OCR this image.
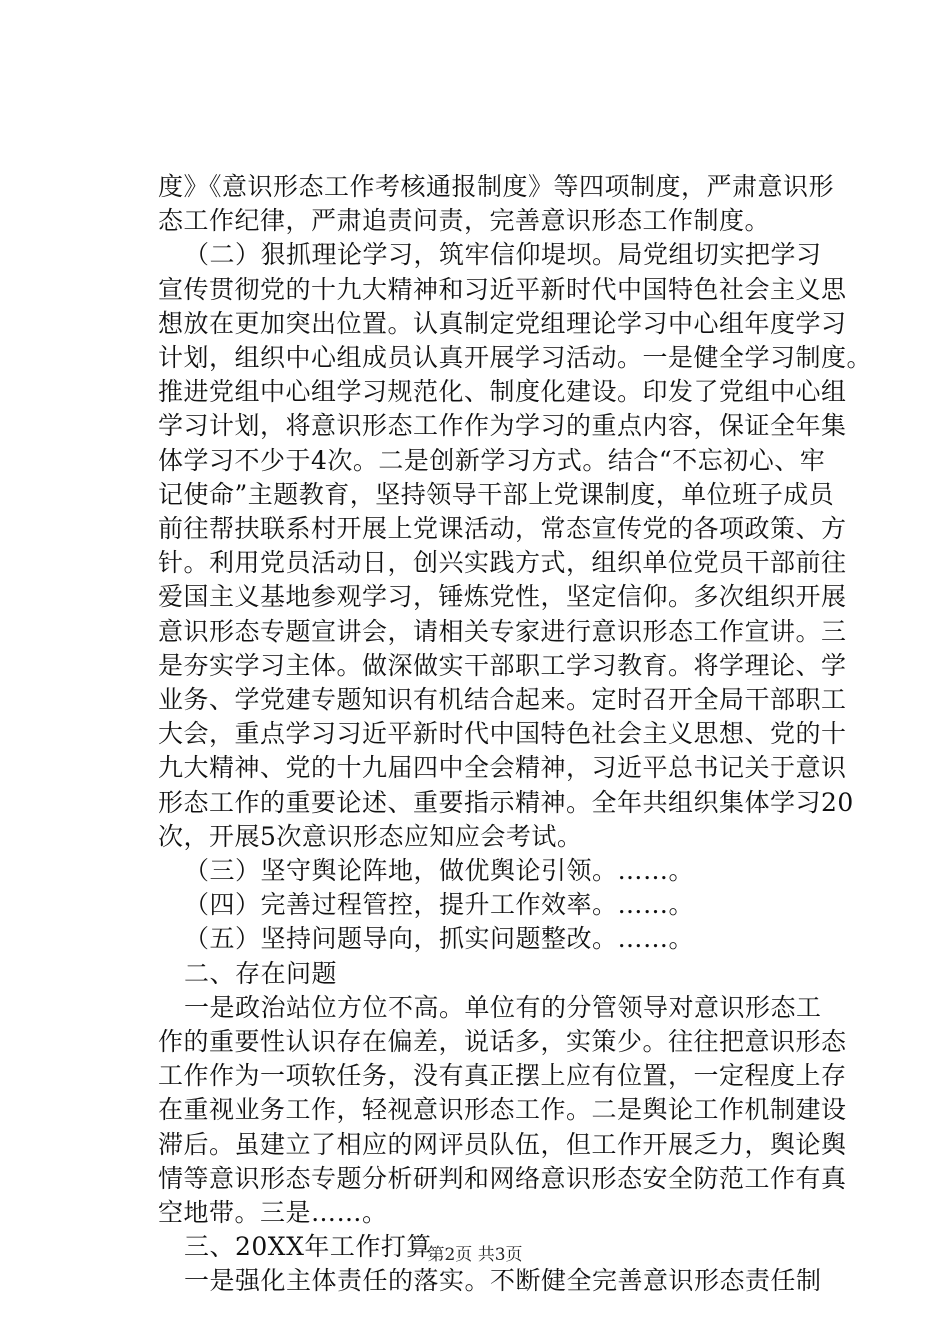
度》《意识形态工作考核通报制度》等四项制度，严肃意识形
态工作纪律，严肃追责问责，完善意识形态工作制度。
（二）狠抓理论学习，筑牢信仰堤坝。局党组切实把学习
宣传贯彻党的十九大精神和习近平新时代中国特色社会主义思
想放在更加突出位置。认真制定党组理论学习中心组年度学习
计划，组织中心组成员认真开展学习活动。一是健全学习制度。
推进党组中心组学习规范化、制度化建设。印发了党组中心组
学习计划，将意识形态工作作为学习的重点内容，保证全年集
体学习不少于4次。二是创新学习方式。结合“不忘初心、牢
记使命”主题教育，坚持领导干部上党课制度，单位班子成员
前往帮扶联系村开展上党课活动，常态宣传党的各项政策、方
针。利用党员活动日，创兴实践方式，组织单位党员干部前往
爱国主义基地参观学习，锤炼党性，坚定信仰。多次组织开展
意识形态专题宣讲会，请相关专家进行意识形态工作宣讲。三
是夯实学习主体。做深做实干部职工学习教育。将学理论、学
业务、学党建专题知识有机结合起来。定时召开全局干部职工
大会，重点学习习近平新时代中国特色社会主义思想、党的十
九大精神、党的十九届四中全会精神，习近平总书记关于意识
形态工作的重要论述、重要指示精神。全年共组织集体学习20
次，开展5次意识形态应知应会考试。
（三）坚守舆论阵地，做优舆论引领。……。
（四）完善过程管控，提升工作效率。……。
（五）坚持问题导向，抓实问题整改。……。
二、存在问题
一是政治站位方位不高。单位有的分管领导对意识形态工
作的重要性认识存在偏差，说话多，实策少。往往把意识形态
工作作为一项软任务，没有真正摆上应有位置，一定程度上存
在重视业务工作，轻视意识形态工作。二是舆论工作机制建设
滞后。虽建立了相应的网评员队伍，但工作开展乏力，舆论舆
情等意识形态专题分析研判和网络意识形态安全防范工作有真
空地带。三是……。
三、20XX年工作打算
一是强化主体责任的落实。不断健全完善意识形态责任制
第2页 共3页
